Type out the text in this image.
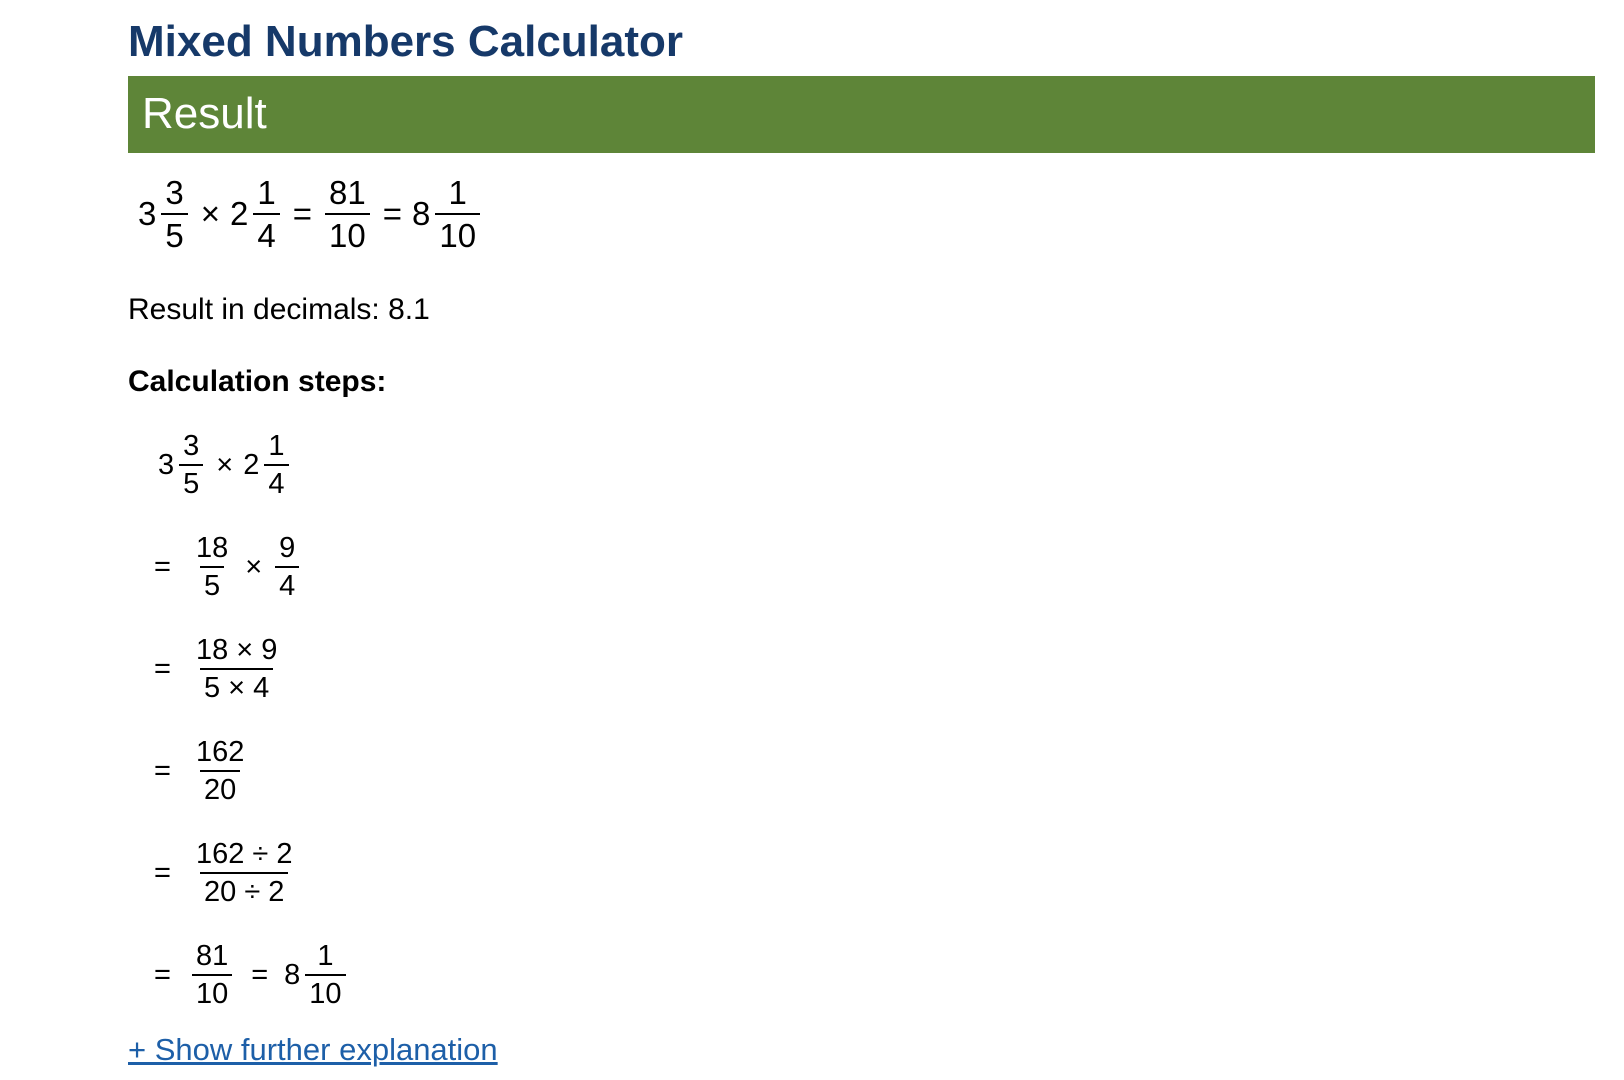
Mixed Numbers Calculator
Result
$3 \frac{3}{5} \times 2 \frac{1}{4} = \frac{81}{10} = 8 \frac{1}{10}$
Result in decimals: 8.1
Calculation steps:
$3 \frac{3}{5} \times 2 \frac{1}{4}$
= $\frac{18}{5} \times \frac{9}{4}$
= $\frac{18 \times 9}{5 \times 4}$
= $\frac{162}{20}$
= $\frac{162 \div 2}{20 \div 2}$
= $\frac{81}{10} = 8 \frac{1}{10}$
+ Show further explanation
